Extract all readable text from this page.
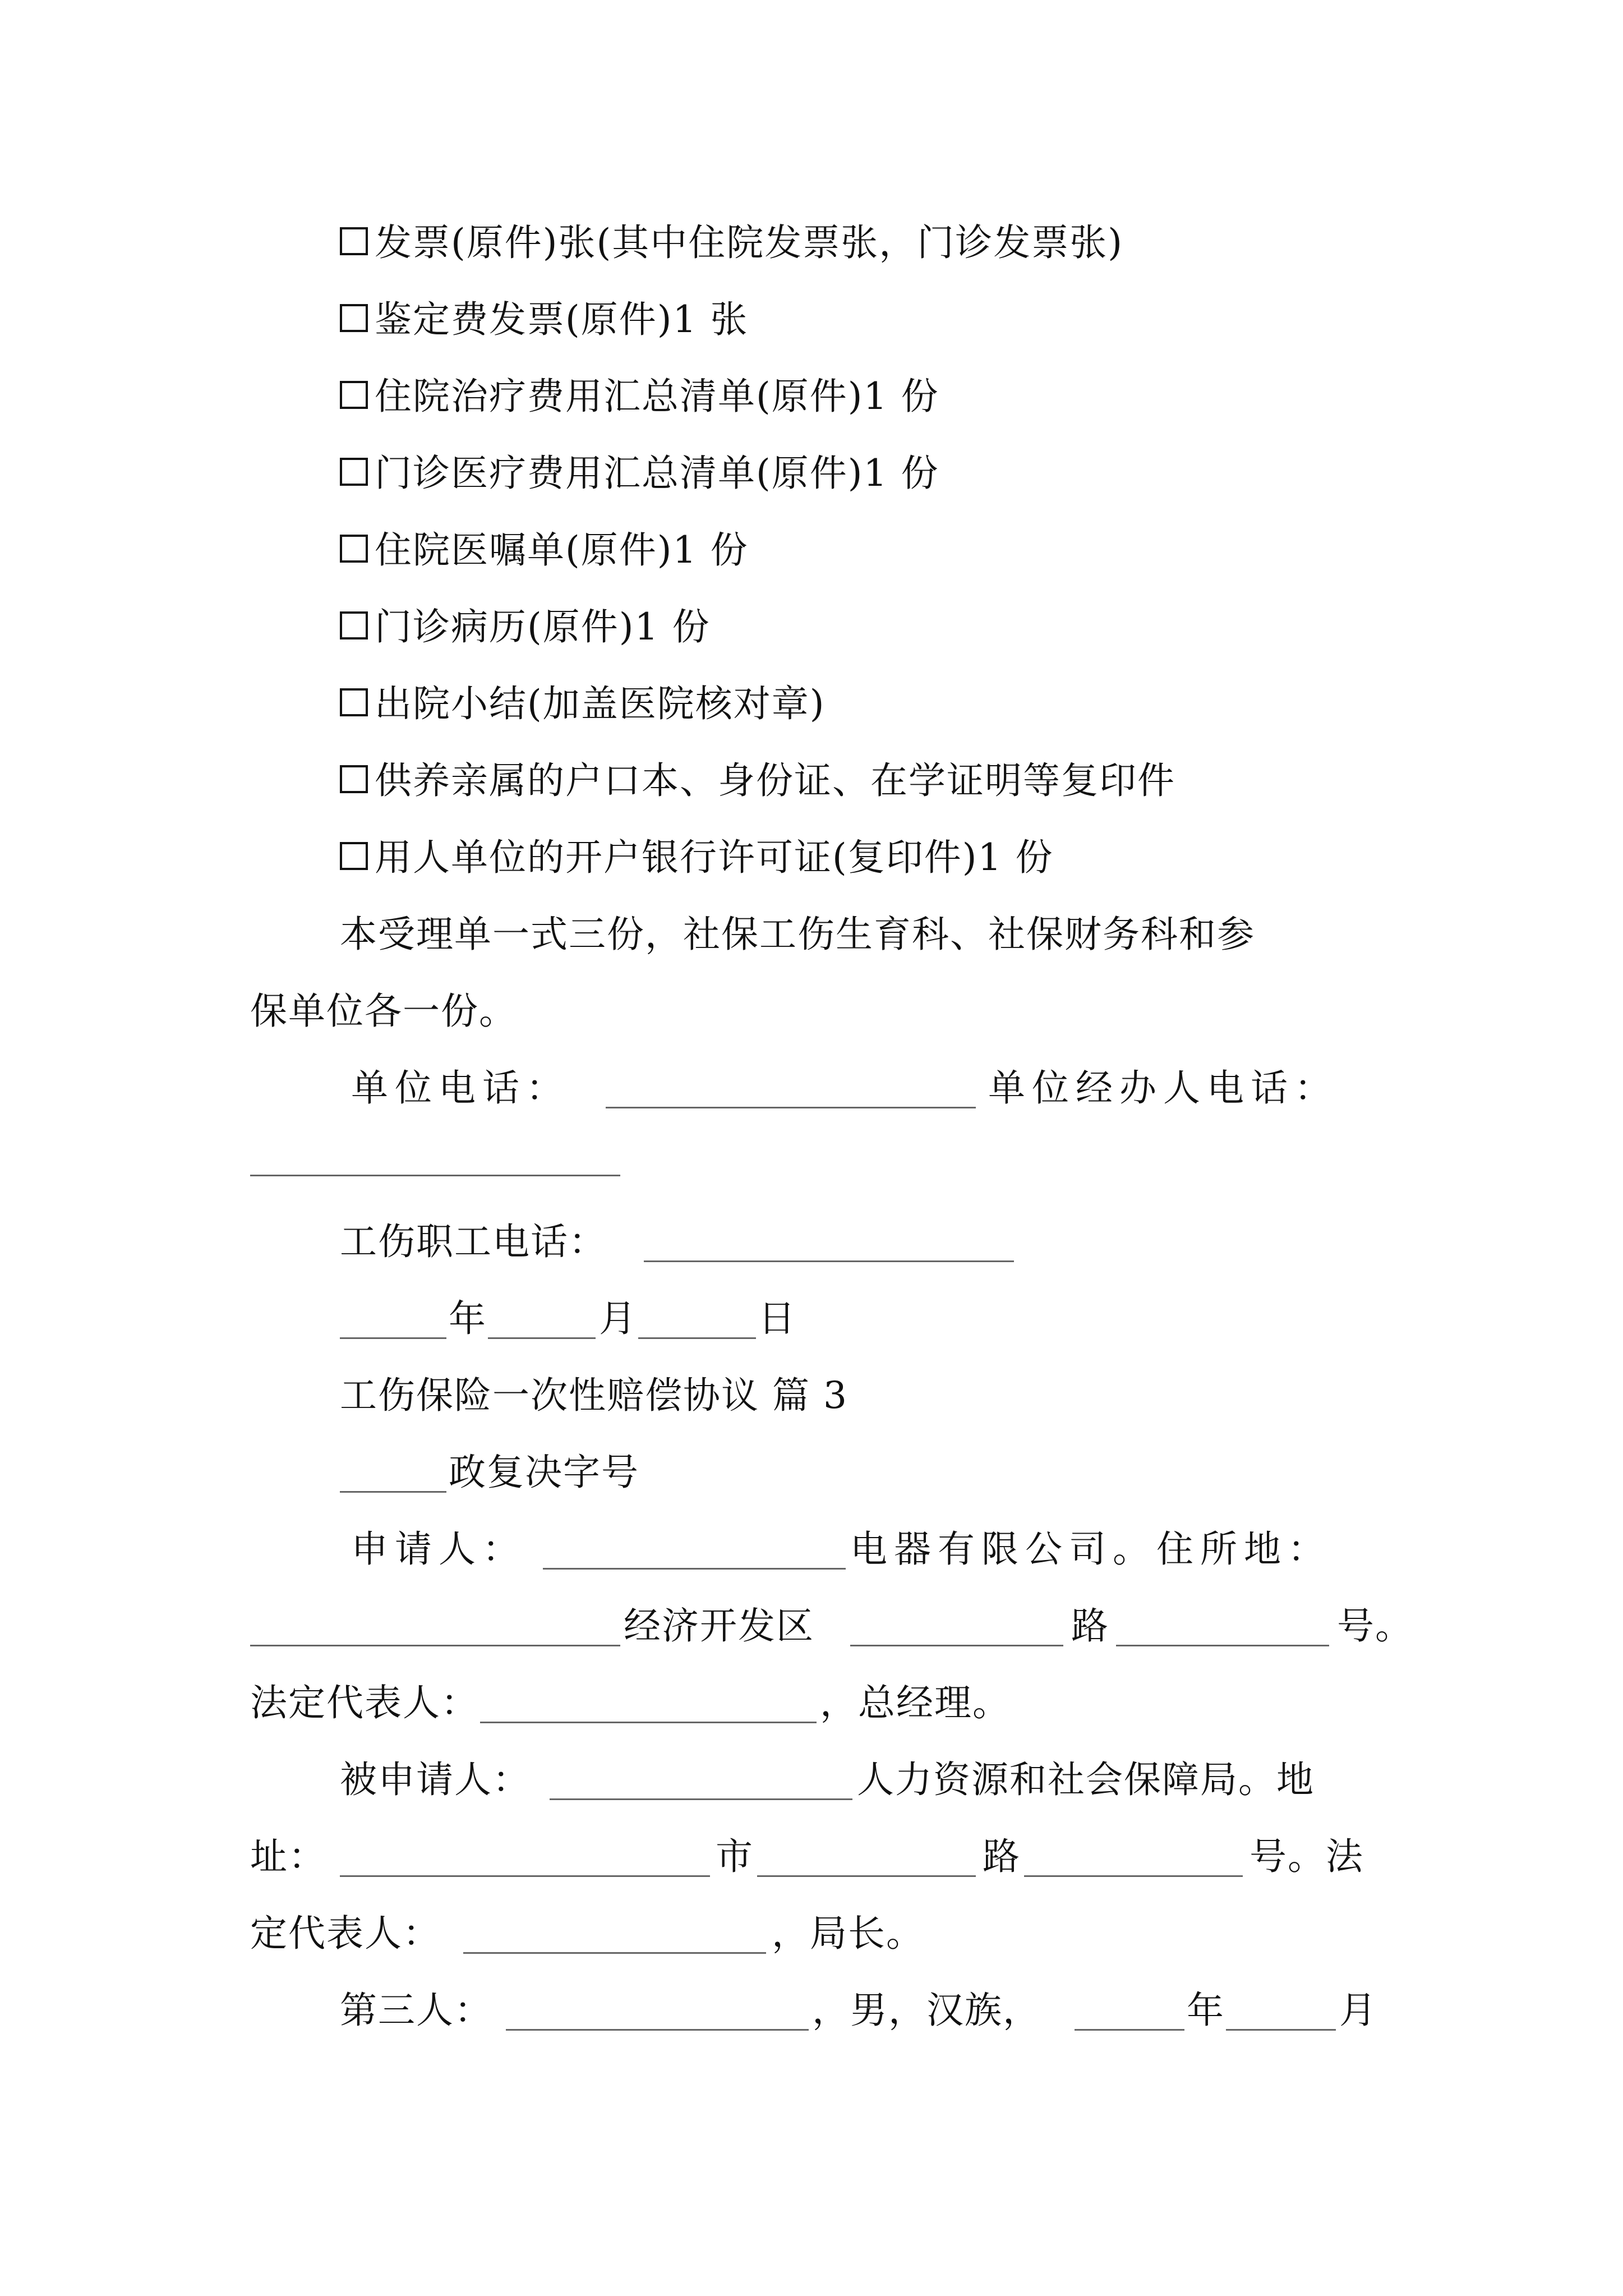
发票(原件)张(其中住院发票张，门诊发票张)
鉴定费发票(原件)1 张
住院治疗费用汇总清单(原件)1 份
门诊医疗费用汇总清单(原件)1 份
住院医嘱单(原件)1 份
门诊病历(原件)1 份
出院小结(加盖医院核对章)
供养亲属的户口本、身份证、在学证明等复印件
用人单位的开户银行许可证(复印件)1 份
本受理单一式三份，社保工伤生育科、社保财务科和参
保单位各一份。
单位电话：	单位经办人电话：
工伤职工电话：
年	月	日
工伤保险一次性赔偿协议 篇 3
政复决字号
申请人：	电器有限公司。住所地：
经济开发区	路	号。
法定代表人：	，总经理。
被申请人：	人力资源和社会保障局。地
址：	市	路	号。法
定代表人：	，局长。
第三人：	，男，汉族，	年	月
